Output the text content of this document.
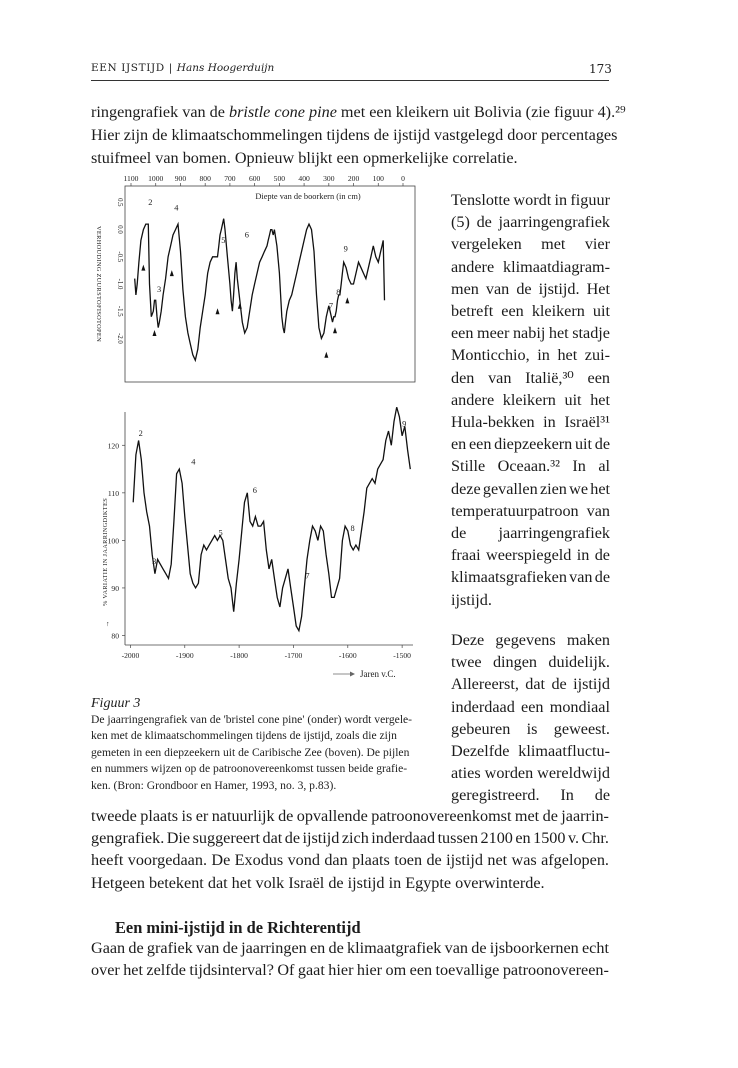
EEN IJSTIJD | Hans Hoogerduijn	173
ringengrafiek van de bristle cone pine met een kleikern uit Bolivia (zie figuur 4).²⁹
Hier zijn de klimaatschommelingen tijdens de ijstijd vastgelegd door percentages
stuifmeel van bomen. Opnieuw blijkt een opmerkelijke correlatie.
Diepte van de boorkern (in cm)
VERHOUDING ZUURSTOFISOTOPEN
1100 1000 900 800 700 600 500 400 300 200 100 0
0.5
0.0
-0.5
-1.0
-1.5
-2.0
2
3
4
5
6
7
8
9
% VARIATIE IN JAARRINGDIKTES
↑
-2000	-1900	-1800	-1700	-1600	-1500
120
110
100
90
80
2
3
4
5
6
7
8
9
Jaren v.C.
Tenslotte wordt in figuur
(5) de jaarringengrafiek
vergeleken met vier
andere klimaatdiagram-
men van de ijstijd. Het
betreft een kleikern uit
een meer nabij het stadje
Monticchio, in het zui-
den van Italië,³⁰ een
andere kleikern uit het
Hula-bekken in Israël³¹
en een diepzeekern uit de
Stille Oceaan.³² In al
deze gevallen zien we het
temperatuurpatroon van
de jaarringengrafiek
fraai weerspiegeld in de
klimaatsgrafieken van de
ijstijd.
Deze gegevens maken
twee dingen duidelijk.
Allereerst, dat de ijstijd
inderdaad een mondiaal
gebeuren is geweest.
Dezelfde klimaatfluctu-
aties worden wereldwijd
geregistreerd. In de
Figuur 3
De jaarringengrafiek van de 'bristel cone pine' (onder) wordt vergele-
ken met de klimaatschommelingen tijdens de ijstijd, zoals die zijn
gemeten in een diepzeekern uit de Caribische Zee (boven). De pijlen
en nummers wijzen op de patroonovereenkomst tussen beide grafie-
ken. (Bron: Grondboor en Hamer, 1993, no. 3, p.83).
tweede plaats is er natuurlijk de opvallende patroonovereenkomst met de jaarrin-
gengrafiek. Die suggereert dat de ijstijd zich inderdaad tussen 2100 en 1500 v. Chr.
heeft voorgedaan. De Exodus vond dan plaats toen de ijstijd net was afgelopen.
Hetgeen betekent dat het volk Israël de ijstijd in Egypte overwinterde.
Een mini-ijstijd in de Richterentijd
Gaan de grafiek van de jaarringen en de klimaatgrafiek van de ijsboorkernen echt
over het zelfde tijdsinterval? Of gaat hier hier om een toevallige patroonovereen-
